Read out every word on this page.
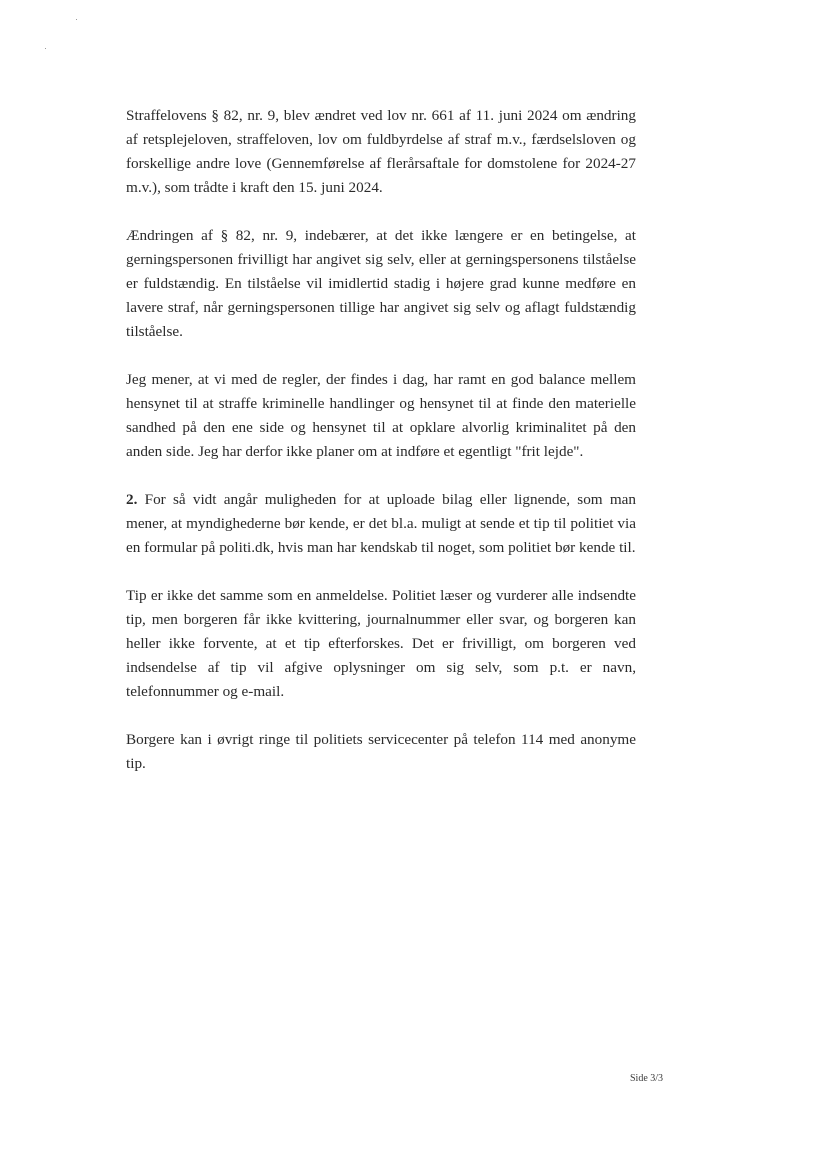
Straffelovens § 82, nr. 9, blev ændret ved lov nr. 661 af 11. juni 2024 om ændring af retsplejeloven, straffeloven, lov om fuldbyrdelse af straf m.v., færdselsloven og forskellige andre love (Gennemførelse af flerårsaftale for domstolene for 2024-27 m.v.), som trådte i kraft den 15. juni 2024.

Ændringen af § 82, nr. 9, indebærer, at det ikke længere er en betingelse, at gerningspersonen frivilligt har angivet sig selv, eller at gerningspersonens tilståelse er fuldstændig. En tilståelse vil imidlertid stadig i højere grad kunne medføre en lavere straf, når gerningspersonen tillige har angivet sig selv og aflagt fuldstændig tilståelse.

Jeg mener, at vi med de regler, der findes i dag, har ramt en god balance mellem hensynet til at straffe kriminelle handlinger og hensynet til at finde den materielle sandhed på den ene side og hensynet til at opklare alvorlig kriminalitet på den anden side. Jeg har derfor ikke planer om at indføre et egentligt "frit lejde".

2. For så vidt angår muligheden for at uploade bilag eller lignende, som man mener, at myndighederne bør kende, er det bl.a. muligt at sende et tip til politiet via en formular på politi.dk, hvis man har kendskab til noget, som politiet bør kende til.

Tip er ikke det samme som en anmeldelse. Politiet læser og vurderer alle indsendte tip, men borgeren får ikke kvittering, journalnummer eller svar, og borgeren kan heller ikke forvente, at et tip efterforskes. Det er frivilligt, om borgeren ved indsendelse af tip vil afgive oplysninger om sig selv, som p.t. er navn, telefonnummer og e-mail.

Borgere kan i øvrigt ringe til politiets servicecenter på telefon 114 med anonyme tip.

Side 3/3
